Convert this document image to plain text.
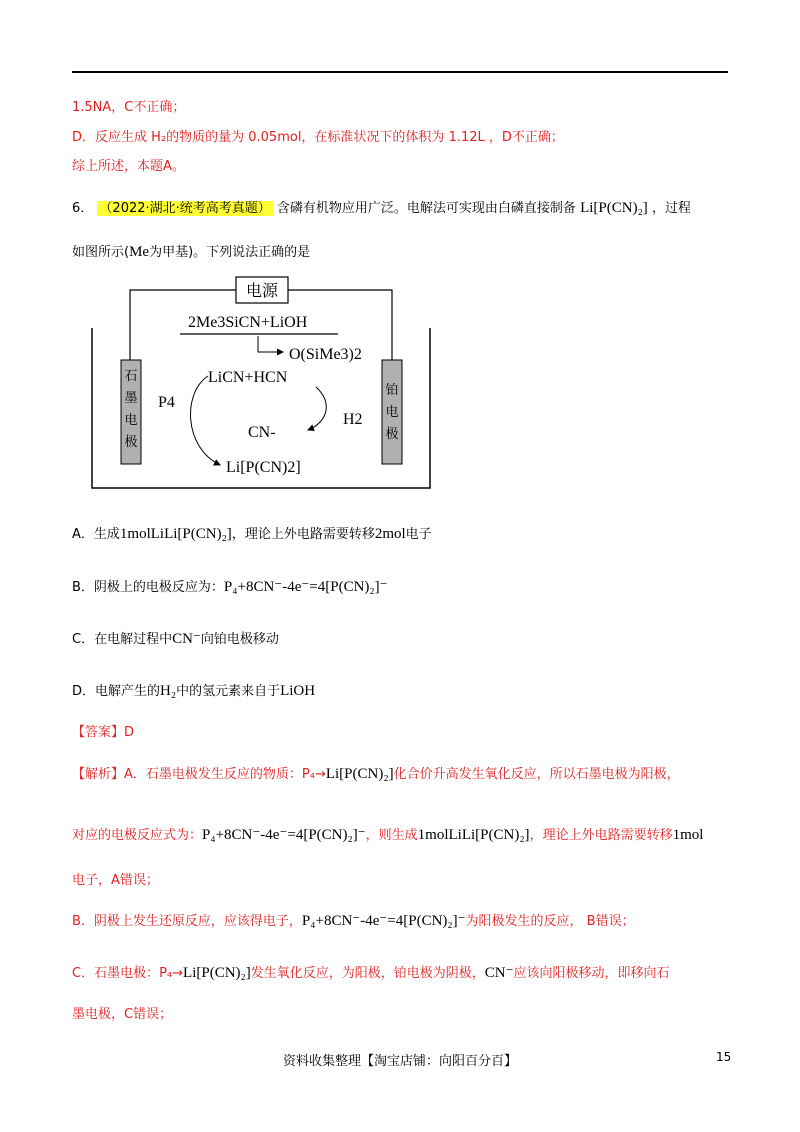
1.5NA，C不正确；
D．反应生成 H₂的物质的量为 0.05mol，在标准状况下的体积为 1.12L ，D不正确；
综上所述，本题A。
6． （2022·湖北·统考高考真题） 含磷有机物应用广泛。电解法可实现由白磷直接制备 Li[P(CN)₂] ，过程
如图所示(Me为甲基)。下列说法正确的是
电源
石
墨
电
极
铂
电
极
2Me3SiCN+LiOH
O(SiMe3)2
LiCN+HCN
P4
H2
CN-
Li[P(CN)2]
A．生成1molLiLi[P(CN)₂]，理论上外电路需要转移2mol电子
B．阴极上的电极反应为：P₄+8CN⁻-4e⁻=4[P(CN)₂]⁻
C．在电解过程中CN⁻向铂电极移动
D．电解产生的H₂中的氢元素来自于LiOH
【答案】D
【解析】A．石墨电极发生反应的物质：P₄→Li[P(CN)₂]化合价升高发生氧化反应，所以石墨电极为阳极，
对应的电极反应式为：P₄+8CN⁻-4e⁻=4[P(CN)₂]⁻，则生成1molLiLi[P(CN)₂]，理论上外电路需要转移1mol
电子，A错误；
B．阴极上发生还原反应，应该得电子，P₄+8CN⁻-4e⁻=4[P(CN)₂]⁻为阳极发生的反应， B错误；
C．石墨电极：P₄→Li[P(CN)₂]发生氧化反应，为阳极，铂电极为阴极，CN⁻应该向阳极移动，即移向石
墨电极，C错误；
资料收集整理【淘宝店铺：向阳百分百】	15
